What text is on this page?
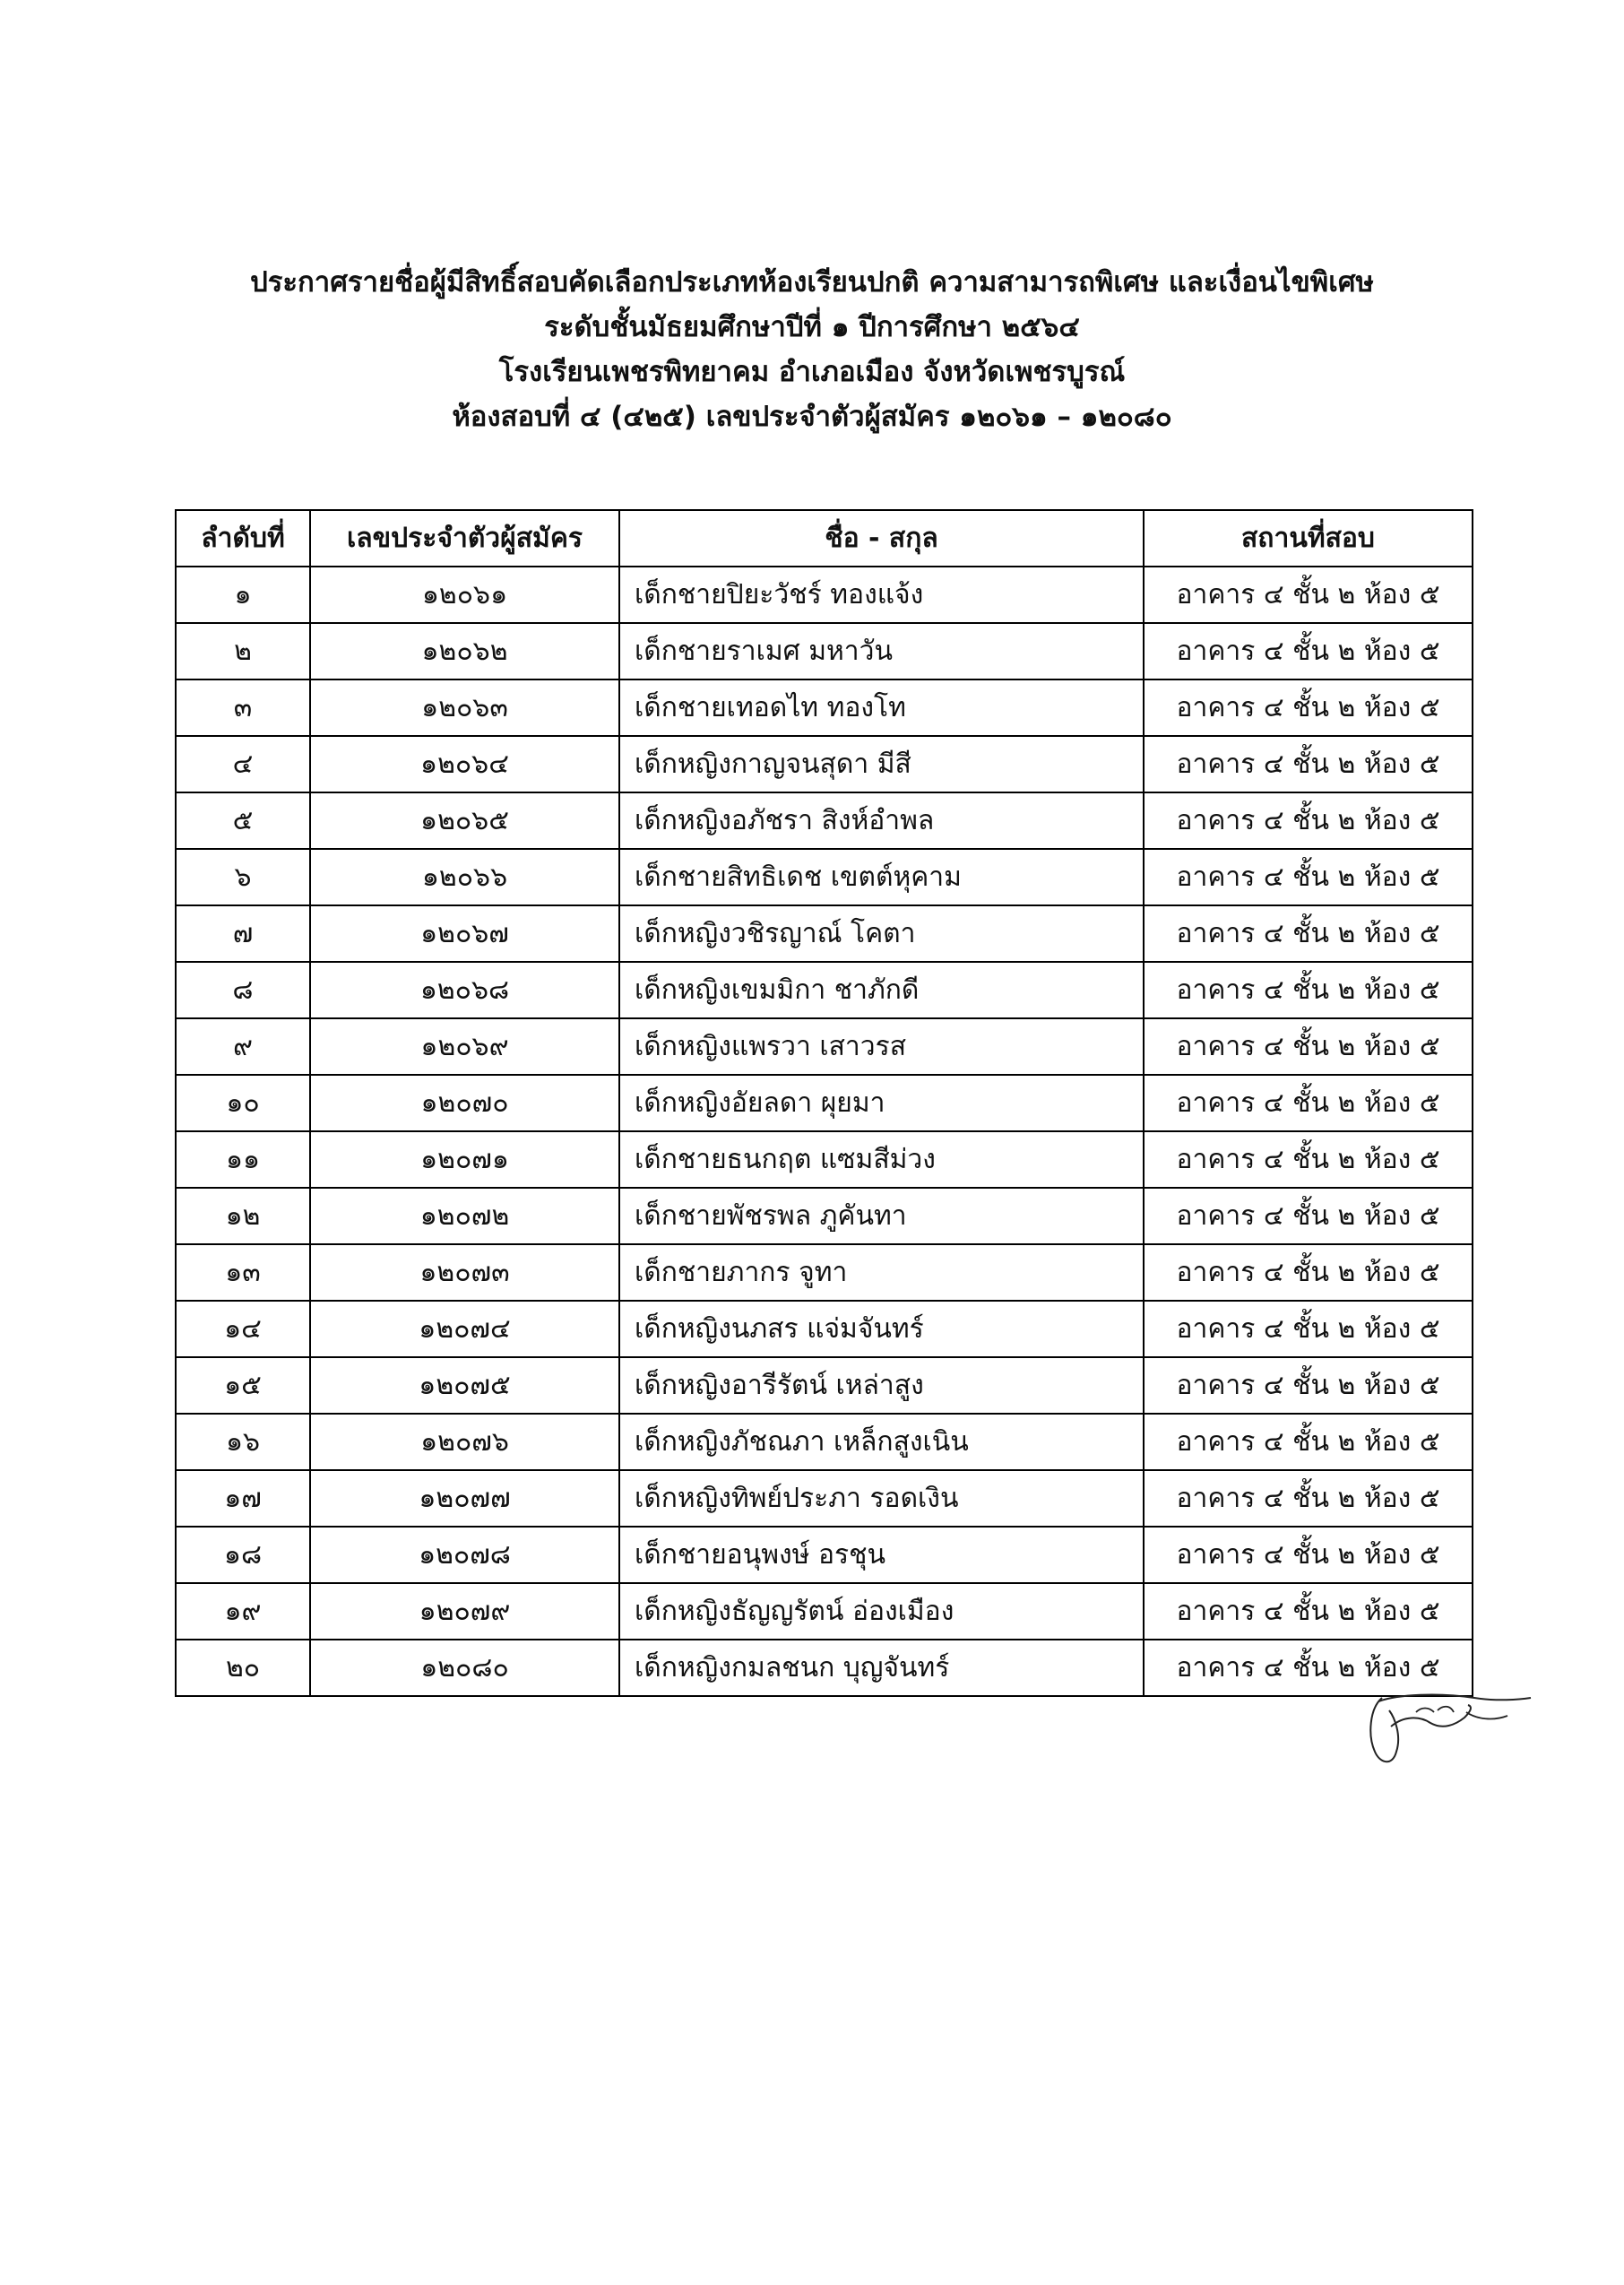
ประกาศรายชื่อผู้มีสิทธิ์สอบคัดเลือกประเภทห้องเรียนปกติ ความสามารถพิเศษ และเงื่อนไขพิเศษ
ระดับชั้นมัธยมศึกษาปีที่ ๑ ปีการศึกษา ๒๕๖๔
โรงเรียนเพชรพิทยาคม อำเภอเมือง จังหวัดเพชรบูรณ์
ห้องสอบที่ ๔ (๔๒๕) เลขประจำตัวผู้สมัคร ๑๒๐๖๑ – ๑๒๐๘๐
ลำดับที่	เลขประจำตัวผู้สมัคร	ชื่อ - สกุล	สถานที่สอบ
๑	๑๒๐๖๑	เด็กชายปิยะวัชร์ ทองแจ้ง	อาคาร ๔ ชั้น ๒ ห้อง ๕
๒	๑๒๐๖๒	เด็กชายราเมศ มหาวัน	อาคาร ๔ ชั้น ๒ ห้อง ๕
๓	๑๒๐๖๓	เด็กชายเทอดไท ทองโท	อาคาร ๔ ชั้น ๒ ห้อง ๕
๔	๑๒๐๖๔	เด็กหญิงกาญจนสุดา มีสี	อาคาร ๔ ชั้น ๒ ห้อง ๕
๕	๑๒๐๖๕	เด็กหญิงอภัชรา สิงห์อำพล	อาคาร ๔ ชั้น ๒ ห้อง ๕
๖	๑๒๐๖๖	เด็กชายสิทธิเดช เขตต์หุคาม	อาคาร ๔ ชั้น ๒ ห้อง ๕
๗	๑๒๐๖๗	เด็กหญิงวชิรญาณ์ โคตา	อาคาร ๔ ชั้น ๒ ห้อง ๕
๘	๑๒๐๖๘	เด็กหญิงเขมมิกา ชาภักดี	อาคาร ๔ ชั้น ๒ ห้อง ๕
๙	๑๒๐๖๙	เด็กหญิงแพรวา เสาวรส	อาคาร ๔ ชั้น ๒ ห้อง ๕
๑๐	๑๒๐๗๐	เด็กหญิงอัยลดา ผุยมา	อาคาร ๔ ชั้น ๒ ห้อง ๕
๑๑	๑๒๐๗๑	เด็กชายธนกฤต แซมสีม่วง	อาคาร ๔ ชั้น ๒ ห้อง ๕
๑๒	๑๒๐๗๒	เด็กชายพัชรพล ภูคันทา	อาคาร ๔ ชั้น ๒ ห้อง ๕
๑๓	๑๒๐๗๓	เด็กชายภากร จูทา	อาคาร ๔ ชั้น ๒ ห้อง ๕
๑๔	๑๒๐๗๔	เด็กหญิงนภสร แจ่มจันทร์	อาคาร ๔ ชั้น ๒ ห้อง ๕
๑๕	๑๒๐๗๕	เด็กหญิงอารีรัตน์ เหล่าสูง	อาคาร ๔ ชั้น ๒ ห้อง ๕
๑๖	๑๒๐๗๖	เด็กหญิงภัชณภา เหล็กสูงเนิน	อาคาร ๔ ชั้น ๒ ห้อง ๕
๑๗	๑๒๐๗๗	เด็กหญิงทิพย์ประภา รอดเงิน	อาคาร ๔ ชั้น ๒ ห้อง ๕
๑๘	๑๒๐๗๘	เด็กชายอนุพงษ์ อรชุน	อาคาร ๔ ชั้น ๒ ห้อง ๕
๑๙	๑๒๐๗๙	เด็กหญิงธัญญรัตน์ อ่องเมือง	อาคาร ๔ ชั้น ๒ ห้อง ๕
๒๐	๑๒๐๘๐	เด็กหญิงกมลชนก บุญจันทร์	อาคาร ๔ ชั้น ๒ ห้อง ๕
